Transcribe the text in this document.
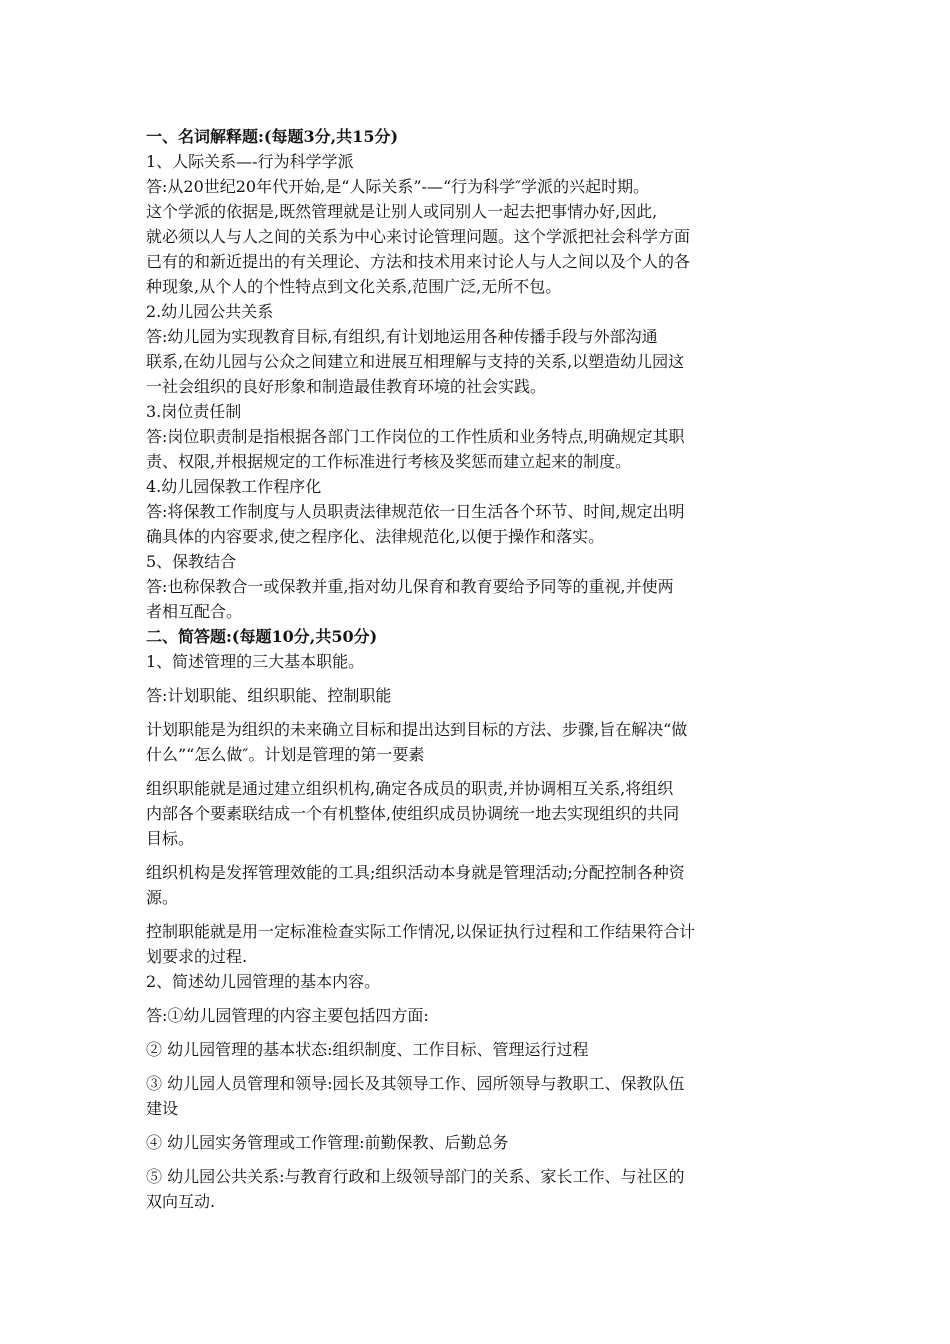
一、名词解释题:(每题3分,共15分)

1、人际关系—-行为科学学派

答:从20世纪20年代开始,是“人际关系”-—“行为科学″学派的兴起时期。

这个学派的依据是,既然管理就是让别人或同别人一起去把事情办好,因此,

就必须以人与人之间的关系为中心来讨论管理问题。这个学派把社会科学方面

已有的和新近提出的有关理论、方法和技术用来讨论人与人之间以及个人的各

种现象,从个人的个性特点到文化关系,范围广泛,无所不包。

2.幼儿园公共关系

答:幼儿园为实现教育目标,有组织,有计划地运用各种传播手段与外部沟通

联系,在幼儿园与公众之间建立和进展互相理解与支持的关系,以塑造幼儿园这

一社会组织的良好形象和制造最佳教育环境的社会实践。

3.岗位责任制

答:岗位职责制是指根据各部门工作岗位的工作性质和业务特点,明确规定其职

责、权限,并根据规定的工作标准进行考核及奖惩而建立起来的制度。

4.幼儿园保教工作程序化

答:将保教工作制度与人员职责法律规范依一日生活各个环节、时间,规定出明

确具体的内容要求,使之程序化、法律规范化,以便于操作和落实。

5、保教结合

答:也称保教合一或保教并重,指对幼儿保育和教育要给予同等的重视,并使两

者相互配合。

二、简答题:(每题10分,共50分)

1、简述管理的三大基本职能。

答:计划职能、组织职能、控制职能

计划职能是为组织的未来确立目标和提出达到目标的方法、步骤,旨在解决“做

什么”“怎么做″。计划是管理的第一要素

组织职能就是通过建立组织机构,确定各成员的职责,并协调相互关系,将组织

内部各个要素联结成一个有机整体,使组织成员协调统一地去实现组织的共同

目标。

组织机构是发挥管理效能的工具;组织活动本身就是管理活动;分配控制各种资

源。

控制职能就是用一定标准检查实际工作情况,以保证执行过程和工作结果符合计

划要求的过程.

2、简述幼儿园管理的基本内容。

答:①幼儿园管理的内容主要包括四方面:

② 幼儿园管理的基本状态:组织制度、工作目标、管理运行过程

③ 幼儿园人员管理和领导:园长及其领导工作、园所领导与教职工、保教队伍

建设

④ 幼儿园实务管理或工作管理:前勤保教、后勤总务

⑤ 幼儿园公共关系:与教育行政和上级领导部门的关系、家长工作、与社区的

双向互动.
